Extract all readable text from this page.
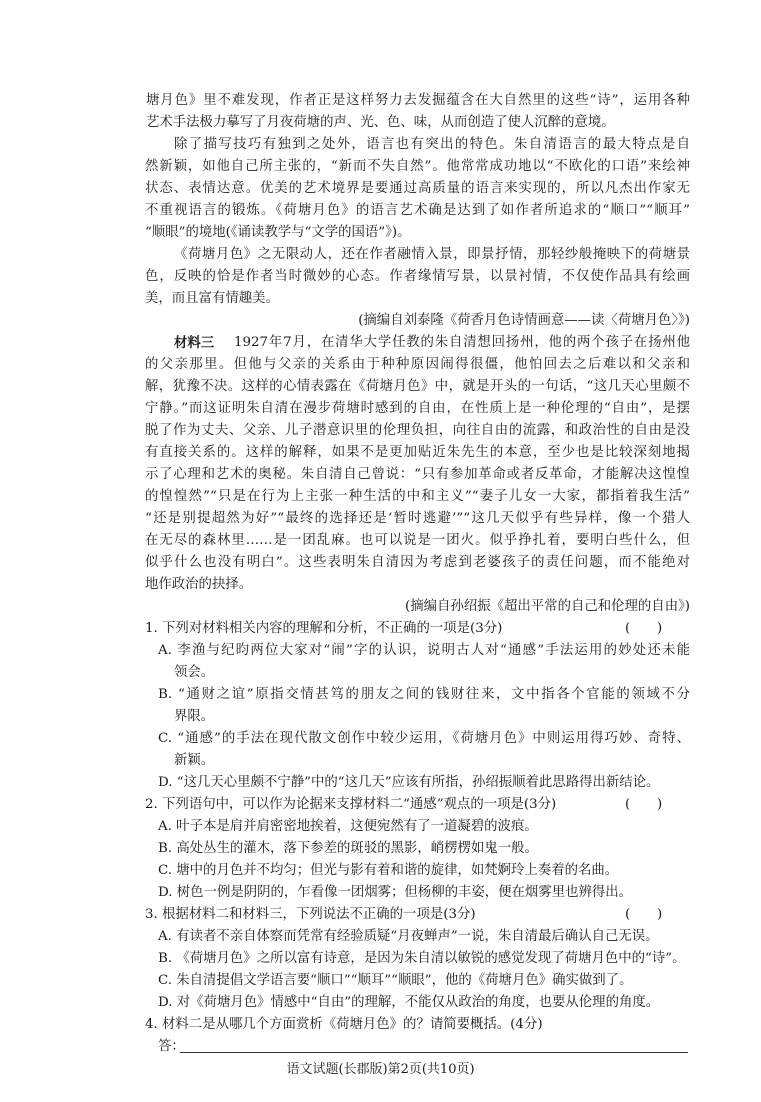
塘月色》里不难发现，作者正是这样努力去发掘蕴含在大自然里的这些“诗”，运用各种
艺术手法极力摹写了月夜荷塘的声、光、色、味，从而创造了使人沉醉的意境。
除了描写技巧有独到之处外，语言也有突出的特色。朱自清语言的最大特点是自
然新颖，如他自己所主张的，“新而不失自然”。他常常成功地以“不欧化的口语”来绘神
状态、表情达意。优美的艺术境界是要通过高质量的语言来实现的，所以凡杰出作家无
不重视语言的锻炼。《荷塘月色》的语言艺术确是达到了如作者所追求的“顺口”“顺耳”
“顺眼”的境地(《诵读教学与“文学的国语”》)。
《荷塘月色》之无限动人，还在作者融情入景，即景抒情，那轻纱般掩映下的荷塘景
色，反映的恰是作者当时微妙的心态。作者缘情写景，以景衬情，不仅使作品具有绘画
美，而且富有情趣美。
(摘编自刘泰隆《荷香月色诗情画意——读〈荷塘月色〉》)
材料三	1927年7月，在清华大学任教的朱自清想回扬州，他的两个孩子在扬州他
的父亲那里。但他与父亲的关系由于种种原因闹得很僵，他怕回去之后难以和父亲和
解，犹豫不决。这样的心情表露在《荷塘月色》中，就是开头的一句话，“这几天心里颇不
宁静。”而这证明朱自清在漫步荷塘时感到的自由，在性质上是一种伦理的“自由”，是摆
脱了作为丈夫、父亲、儿子潜意识里的伦理负担，向往自由的流露，和政治性的自由是没
有直接关系的。这样的解释，如果不是更加贴近朱先生的本意，至少也是比较深刻地揭
示了心理和艺术的奥秘。朱自清自己曾说：“只有参加革命或者反革命，才能解决这惶惶
的惶惶然”“只是在行为上主张一种生活的中和主义”“妻子儿女一大家，都指着我生活”
“还是别提超然为好”“最终的选择还是‘暂时逃避’”“这几天似乎有些异样，像一个猎人
在无尽的森林里……是一团乱麻。也可以说是一团火。似乎挣扎着，要明白些什么，但
似乎什么也没有明白”。这些表明朱自清因为考虑到老婆孩子的责任问题，而不能绝对
地作政治的抉择。
(摘编自孙绍振《超出平常的自己和伦理的自由》)
1. 下列对材料相关内容的理解和分析，不正确的一项是(3分)	(　　)
A. 李渔与纪昀两位大家对“闹”字的认识，说明古人对“通感”手法运用的妙处还未能
领会。
B. “通财之谊”原指交情甚笃的朋友之间的钱财往来，文中指各个官能的领域不分
界限。
C. “通感”的手法在现代散文创作中较少运用，《荷塘月色》中则运用得巧妙、奇特、
新颖。
D. “这几天心里颇不宁静”中的“这几天”应该有所指，孙绍振顺着此思路得出新结论。
2. 下列语句中，可以作为论据来支撑材料二“通感”观点的一项是(3分)	(　　)
A. 叶子本是肩并肩密密地挨着，这便宛然有了一道凝碧的波痕。
B. 高处丛生的灌木，落下参差的斑驳的黑影，峭楞楞如鬼一般。
C. 塘中的月色并不均匀；但光与影有着和谐的旋律，如梵婀玲上奏着的名曲。
D. 树色一例是阴阴的，乍看像一团烟雾；但杨柳的丰姿，便在烟雾里也辨得出。
3. 根据材料二和材料三，下列说法不正确的一项是(3分)	(　　)
A. 有读者不亲自体察而凭常有经验质疑“月夜蝉声”一说，朱自清最后确认自己无误。
B. 《荷塘月色》之所以富有诗意，是因为朱自清以敏锐的感觉发现了荷塘月色中的“诗”。
C. 朱自清提倡文学语言要“顺口”“顺耳”“顺眼”，他的《荷塘月色》确实做到了。
D. 对《荷塘月色》情感中“自由”的理解，不能仅从政治的角度，也要从伦理的角度。
语文试题(长郡版)第2页(共10页)
4. 材料二是从哪几个方面赏析《荷塘月色》的？请简要概括。(4分)
答：
